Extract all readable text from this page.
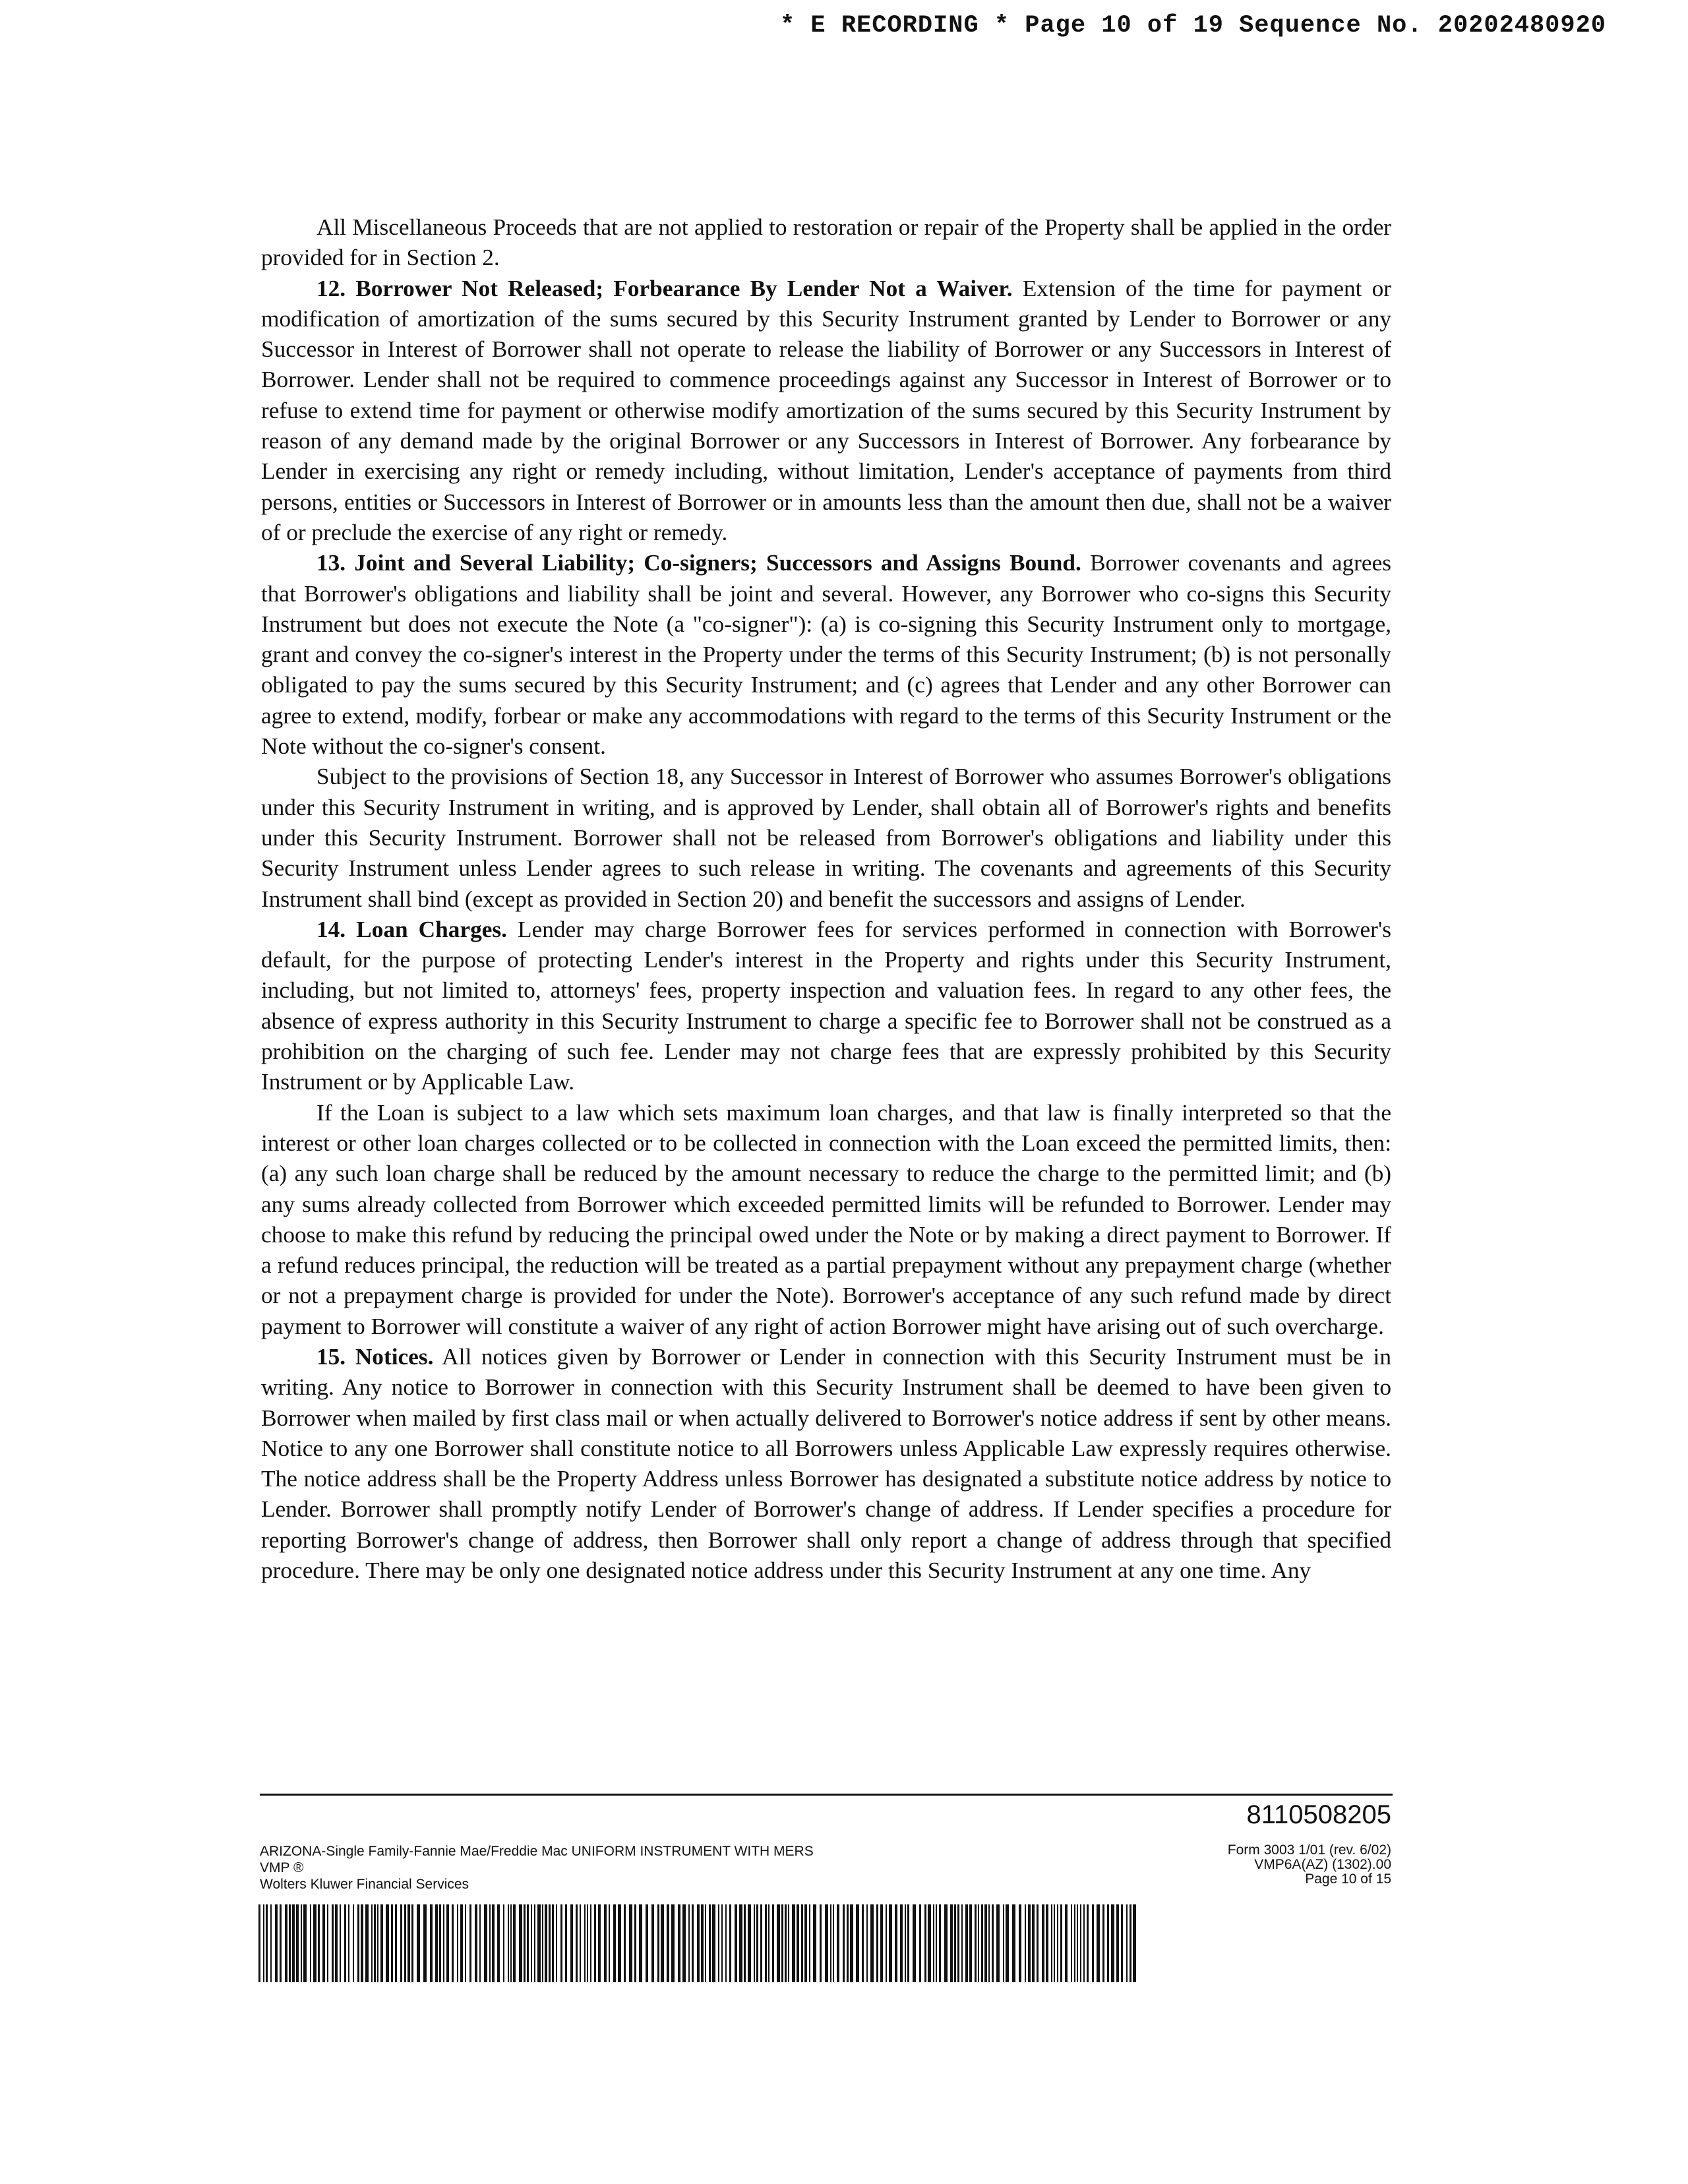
* E RECORDING * Page 10 of 19 Sequence No. 20202480920

All Miscellaneous Proceeds that are not applied to restoration or repair of the Property shall be applied in the order provided for in Section 2.

12. Borrower Not Released; Forbearance By Lender Not a Waiver. Extension of the time for payment or modification of amortization of the sums secured by this Security Instrument granted by Lender to Borrower or any Successor in Interest of Borrower shall not operate to release the liability of Borrower or any Successors in Interest of Borrower. Lender shall not be required to commence proceedings against any Successor in Interest of Borrower or to refuse to extend time for payment or otherwise modify amortization of the sums secured by this Security Instrument by reason of any demand made by the original Borrower or any Successors in Interest of Borrower. Any forbearance by Lender in exercising any right or remedy including, without limitation, Lender's acceptance of payments from third persons, entities or Successors in Interest of Borrower or in amounts less than the amount then due, shall not be a waiver of or preclude the exercise of any right or remedy.

13. Joint and Several Liability; Co-signers; Successors and Assigns Bound. Borrower covenants and agrees that Borrower's obligations and liability shall be joint and several. However, any Borrower who co-signs this Security Instrument but does not execute the Note (a "co-signer"): (a) is co-signing this Security Instrument only to mortgage, grant and convey the co-signer's interest in the Property under the terms of this Security Instrument; (b) is not personally obligated to pay the sums secured by this Security Instrument; and (c) agrees that Lender and any other Borrower can agree to extend, modify, forbear or make any accommodations with regard to the terms of this Security Instrument or the Note without the co-signer's consent.

Subject to the provisions of Section 18, any Successor in Interest of Borrower who assumes Borrower's obligations under this Security Instrument in writing, and is approved by Lender, shall obtain all of Borrower's rights and benefits under this Security Instrument. Borrower shall not be released from Borrower's obligations and liability under this Security Instrument unless Lender agrees to such release in writing. The covenants and agreements of this Security Instrument shall bind (except as provided in Section 20) and benefit the successors and assigns of Lender.

14. Loan Charges. Lender may charge Borrower fees for services performed in connection with Borrower's default, for the purpose of protecting Lender's interest in the Property and rights under this Security Instrument, including, but not limited to, attorneys' fees, property inspection and valuation fees. In regard to any other fees, the absence of express authority in this Security Instrument to charge a specific fee to Borrower shall not be construed as a prohibition on the charging of such fee. Lender may not charge fees that are expressly prohibited by this Security Instrument or by Applicable Law.

If the Loan is subject to a law which sets maximum loan charges, and that law is finally interpreted so that the interest or other loan charges collected or to be collected in connection with the Loan exceed the permitted limits, then: (a) any such loan charge shall be reduced by the amount necessary to reduce the charge to the permitted limit; and (b) any sums already collected from Borrower which exceeded permitted limits will be refunded to Borrower. Lender may choose to make this refund by reducing the principal owed under the Note or by making a direct payment to Borrower. If a refund reduces principal, the reduction will be treated as a partial prepayment without any prepayment charge (whether or not a prepayment charge is provided for under the Note). Borrower's acceptance of any such refund made by direct payment to Borrower will constitute a waiver of any right of action Borrower might have arising out of such overcharge.

15. Notices. All notices given by Borrower or Lender in connection with this Security Instrument must be in writing. Any notice to Borrower in connection with this Security Instrument shall be deemed to have been given to Borrower when mailed by first class mail or when actually delivered to Borrower's notice address if sent by other means. Notice to any one Borrower shall constitute notice to all Borrowers unless Applicable Law expressly requires otherwise. The notice address shall be the Property Address unless Borrower has designated a substitute notice address by notice to Lender. Borrower shall promptly notify Lender of Borrower's change of address. If Lender specifies a procedure for reporting Borrower's change of address, then Borrower shall only report a change of address through that specified procedure. There may be only one designated notice address under this Security Instrument at any one time. Any

8110508205
ARIZONA-Single Family-Fannie Mae/Freddie Mac UNIFORM INSTRUMENT WITH MERS
VMP ®
Wolters Kluwer Financial Services
Form 3003 1/01 (rev. 6/02)
VMP6A(AZ) (1302).00
Page 10 of 15
